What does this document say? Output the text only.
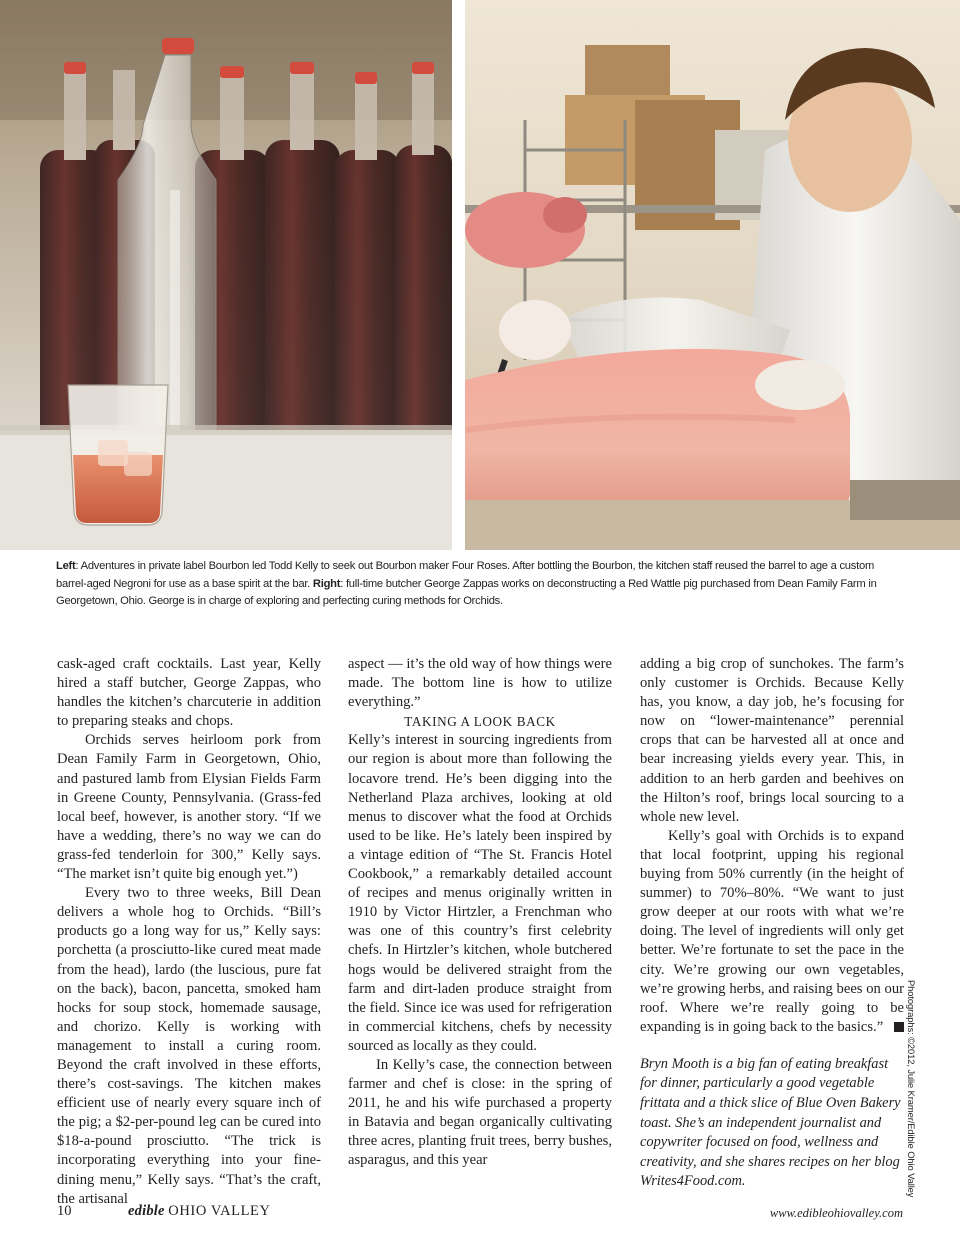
Left: Adventures in private label Bourbon led Todd Kelly to seek out Bourbon maker Four Roses. After bottling the Bourbon, the kitchen staff reused the barrel to age a custom barrel-aged Negroni for use as a base spirit at the bar. Right: full-time butcher George Zappas works on deconstructing a Red Wattle pig purchased from Dean Family Farm in Georgetown, Ohio. George is in charge of exploring and perfecting curing methods for Orchids.

cask-aged craft cocktails. Last year, Kelly hired a staff butcher, George Zappas, who handles the kitchen’s charcuterie in addition to preparing steaks and chops.

Orchids serves heirloom pork from Dean Family Farm in Georgetown, Ohio, and pastured lamb from Elysian Fields Farm in Greene County, Pennsylvania. (Grass-fed local beef, however, is another story. “If we have a wedding, there’s no way we can do grass-fed tenderloin for 300,” Kelly says. “The market isn’t quite big enough yet.”)

Every two to three weeks, Bill Dean delivers a whole hog to Orchids. “Bill’s products go a long way for us,” Kelly says: porchetta (a prosciutto-like cured meat made from the head), lardo (the luscious, pure fat on the back), bacon, pancetta, smoked ham hocks for soup stock, homemade sausage, and chorizo. Kelly is working with management to install a curing room. Beyond the craft involved in these efforts, there’s cost-savings. The kitchen makes efficient use of nearly every square inch of the pig; a $2-per-pound leg can be cured into $18-a-pound prosciutto. “The trick is incorporating everything into your fine-dining menu,” Kelly says. “That’s the craft, the artisanal

aspect — it’s the old way of how things were made. The bottom line is how to utilize everything.”

TAKING A LOOK BACK

Kelly’s interest in sourcing ingredients from our region is about more than following the locavore trend. He’s been digging into the Netherland Plaza archives, looking at old menus to discover what the food at Orchids used to be like. He’s lately been inspired by a vintage edition of “The St. Francis Hotel Cookbook,” a remarkably detailed account of recipes and menus originally written in 1910 by Victor Hirtzler, a Frenchman who was one of this country’s first celebrity chefs. In Hirtzler’s kitchen, whole butchered hogs would be delivered straight from the farm and dirt-laden produce straight from the field. Since ice was used for refrigeration in commercial kitchens, chefs by necessity sourced as locally as they could.

In Kelly’s case, the connection between farmer and chef is close: in the spring of 2011, he and his wife purchased a property in Batavia and began organically cultivating three acres, planting fruit trees, berry bushes, asparagus, and this year

adding a big crop of sunchokes. The farm’s only customer is Orchids. Because Kelly has, you know, a day job, he’s focusing for now on “lower-maintenance” perennial crops that can be harvested all at once and bear increasing yields every year. This, in addition to an herb garden and beehives on the Hilton’s roof, brings local sourcing to a whole new level.

Kelly’s goal with Orchids is to expand that local footprint, upping his regional buying from 50% currently (in the height of summer) to 70%–80%. “We want to just grow deeper at our roots with what we’re doing. The level of ingredients will only get better. We’re fortunate to set the pace in the city. We’re growing our own vegetables, we’re growing herbs, and raising bees on our roof. Where we’re really going to be expanding is in going back to the basics.”

Bryn Mooth is a big fan of eating breakfast for dinner, particularly a good vegetable frittata and a thick slice of Blue Oven Bakery toast. She’s an independent journalist and copywriter focused on food, wellness and creativity, and she shares recipes on her blog Writes4Food.com.	Photographs: ©2012, Julie Kramer/Edible Ohio Valley
10	edible OHIO VALLEY	www.edibleohiovalley.com
